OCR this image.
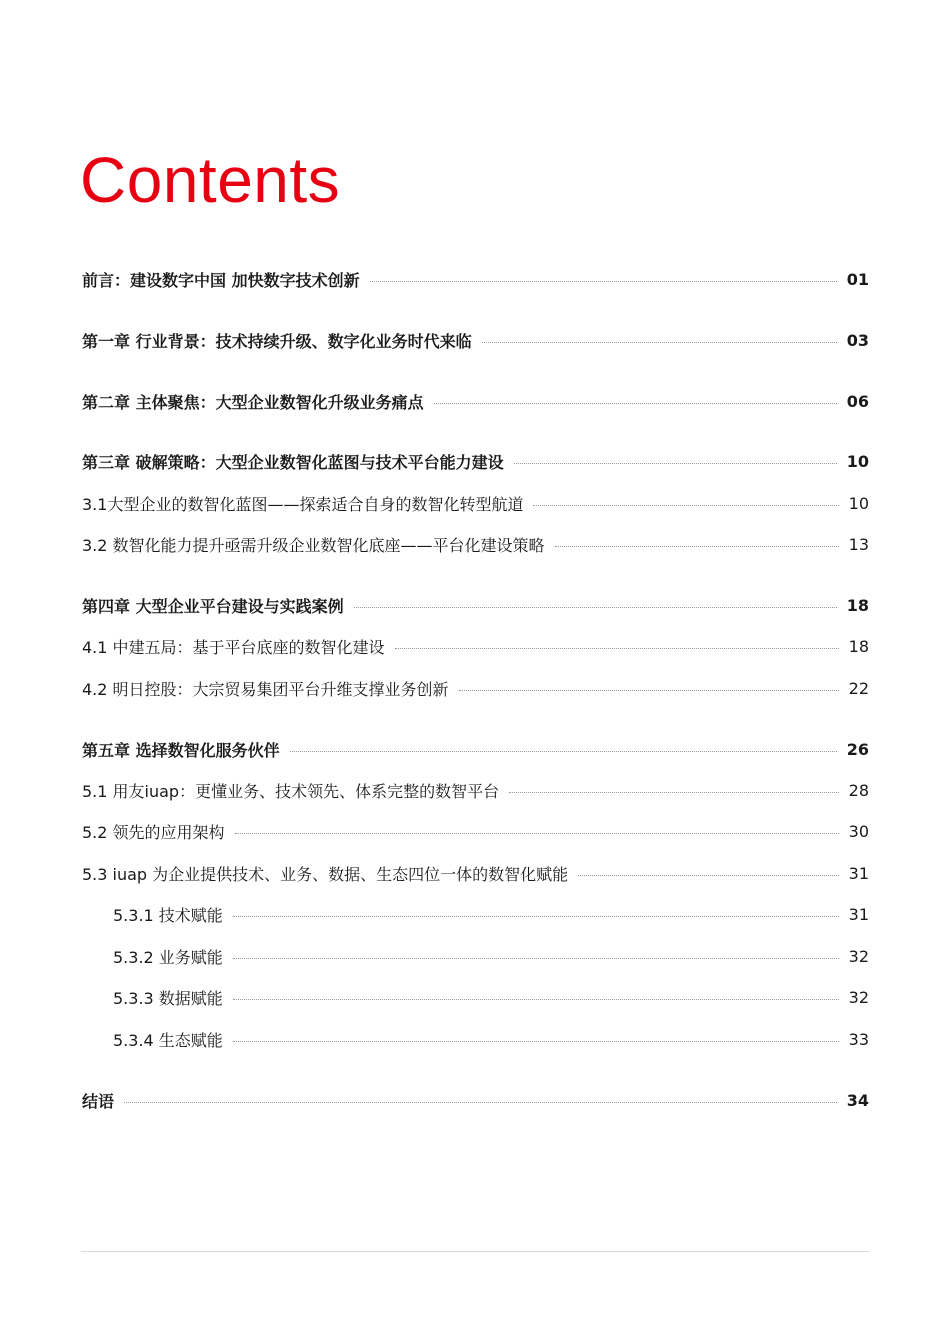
Contents
前言：建设数字中国 加快数字技术创新	01
第一章 行业背景：技术持续升级、数字化业务时代来临	03
第二章 主体聚焦：大型企业数智化升级业务痛点	06
第三章 破解策略：大型企业数智化蓝图与技术平台能力建设	10
3.1大型企业的数智化蓝图——探索适合自身的数智化转型航道	10
3.2 数智化能力提升亟需升级企业数智化底座——平台化建设策略	13
第四章 大型企业平台建设与实践案例	18
4.1 中建五局：基于平台底座的数智化建设	18
4.2 明日控股：大宗贸易集团平台升维支撑业务创新	22
第五章 选择数智化服务伙伴	26
5.1 用友iuap：更懂业务、技术领先、体系完整的数智平台	28
5.2 领先的应用架构	30
5.3 iuap 为企业提供技术、业务、数据、生态四位一体的数智化赋能	31
5.3.1 技术赋能	31
5.3.2 业务赋能	32
5.3.3 数据赋能	32
5.3.4 生态赋能	33
结语	34
